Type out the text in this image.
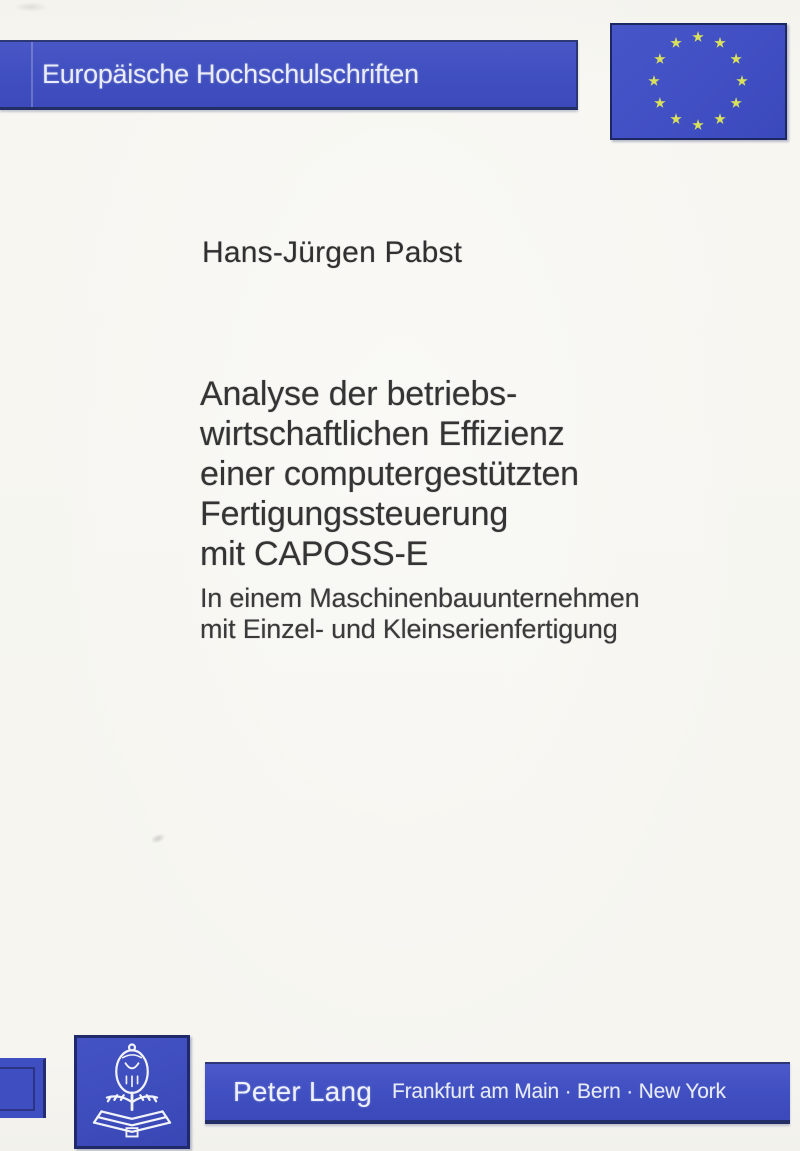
Europäische Hochschulschriften
Hans-Jürgen Pabst
Analyse der betriebs-
wirtschaftlichen Effizienz
einer computergestützten
Fertigungssteuerung
mit CAPOSS-E
In einem Maschinenbauunternehmen
mit Einzel- und Kleinserienfertigung
Peter Lang Frankfurt am Main · Bern · New York
